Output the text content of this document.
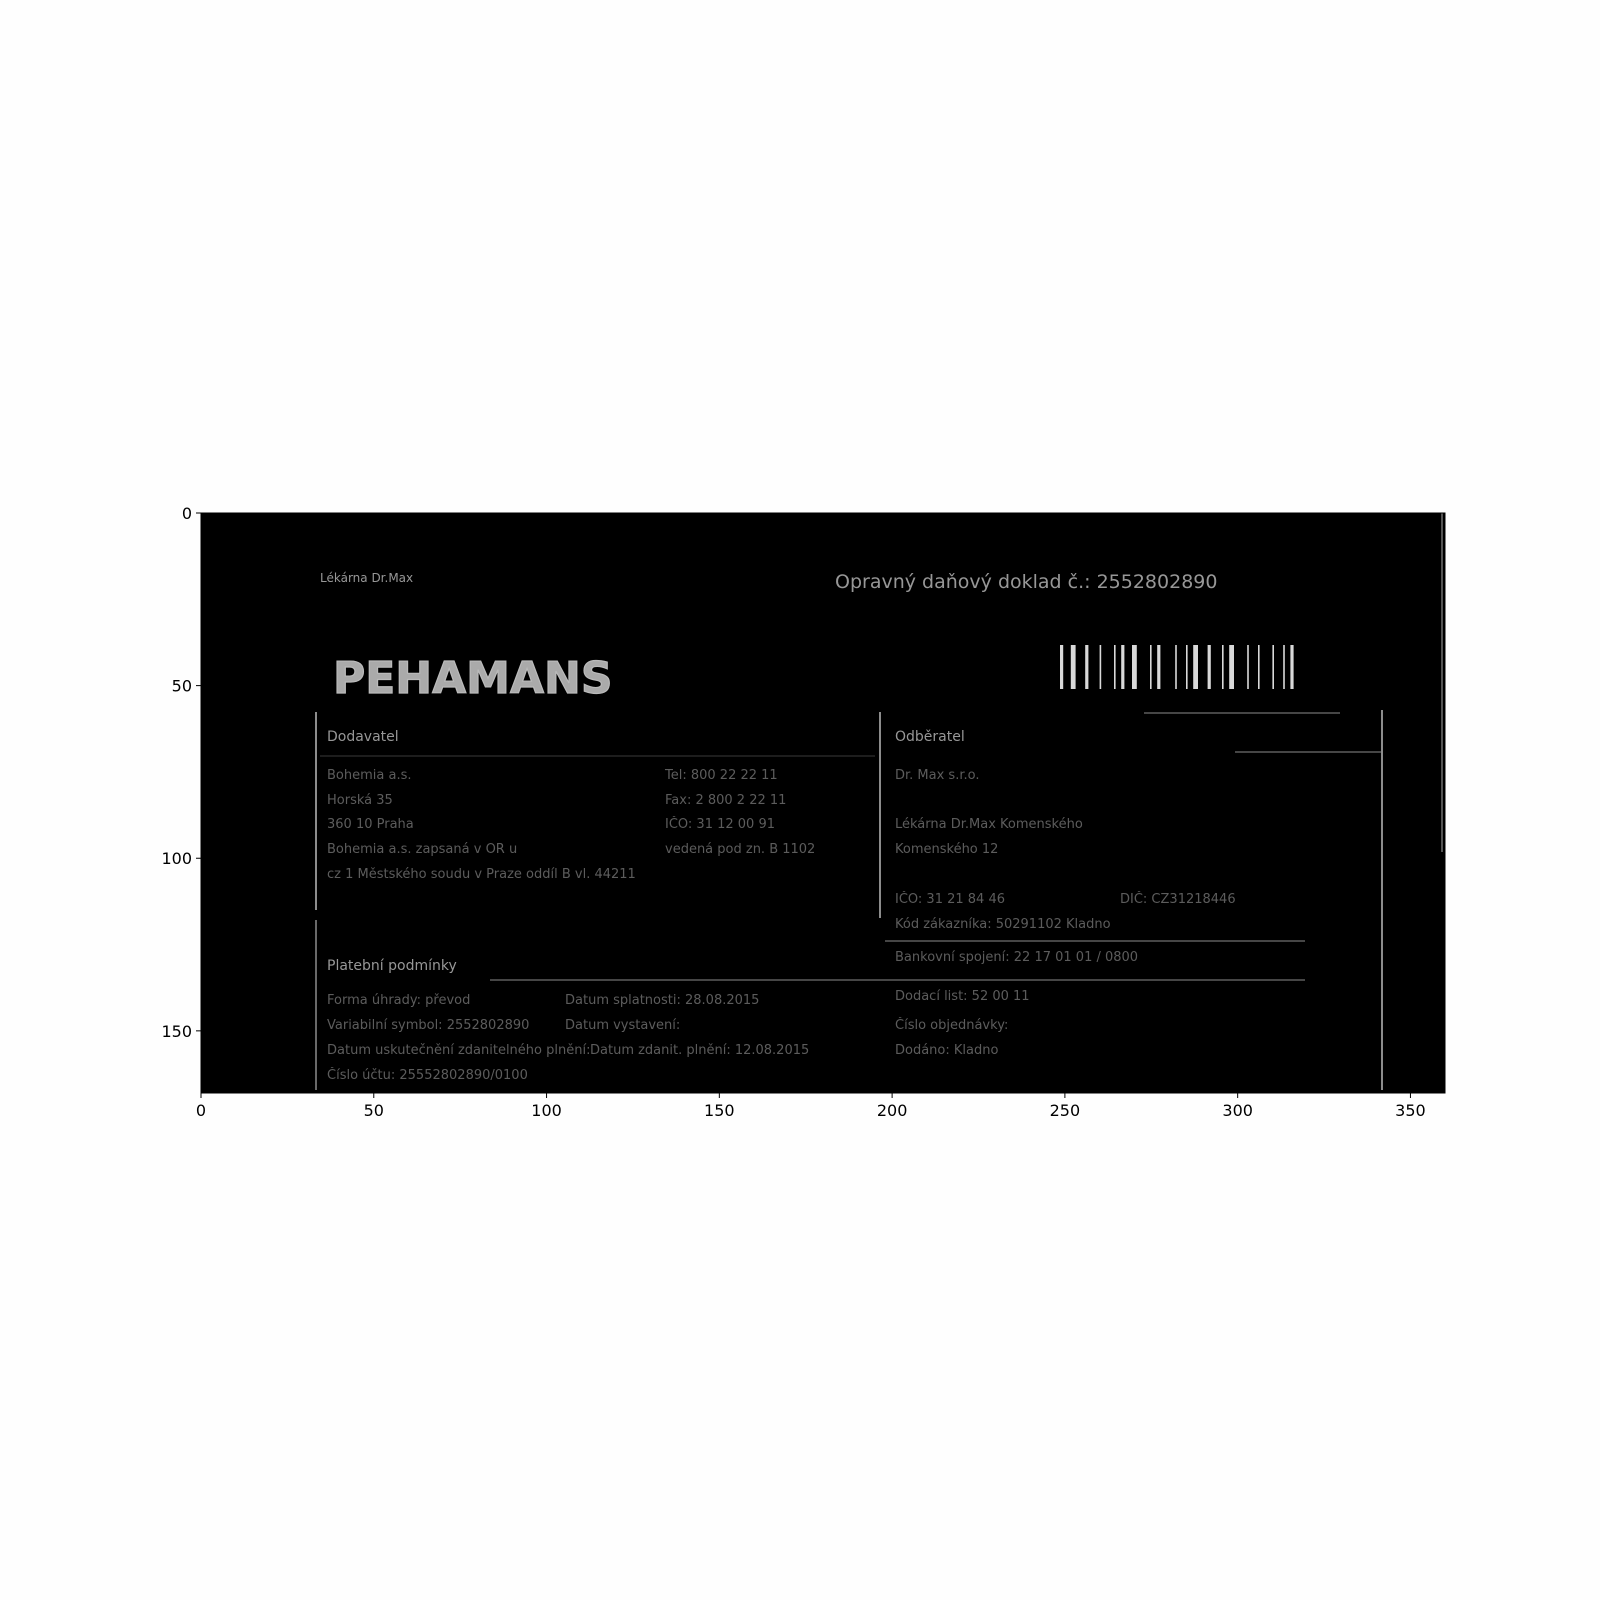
Lékárna Dr.Max	Opravný daňový doklad č.: 2552802890
PEHAMANS
Dodavatel
Bohemia a.s.	Tel: 800 22 22 11
Horská 35	Fax: 2 800 2 22 11
360 10 Praha	IČO: 31 12 00 91
Bohemia a.s. zapsaná v OR u	vedená pod zn. B 1102
cz 1 Městského soudu v Praze oddíl B vl. 44211
Odběratel
Dr. Max s.r.o.
Lékárna Dr.Max Komenského
Komenského 12
IČO: 31 21 84 46	DIČ: CZ31218446
Kód zákazníka: 50291102 Kladno
Bankovní spojení: 22 17 01 01 / 0800
Platební podmínky
Forma úhrady: převod	Datum splatnosti: 28.08.2015
Variabilní symbol: 2552802890	Datum vystavení:
Datum uskutečnění zdanitelného plnění: Datum zdanit. plnění: 12.08.2015
Číslo účtu: 25552802890/0100
Dodací list: 52 00 11
Číslo objednávky:
Dodáno: Kladno
0	50	100	150	200	250	300	350
0
50
100
150
